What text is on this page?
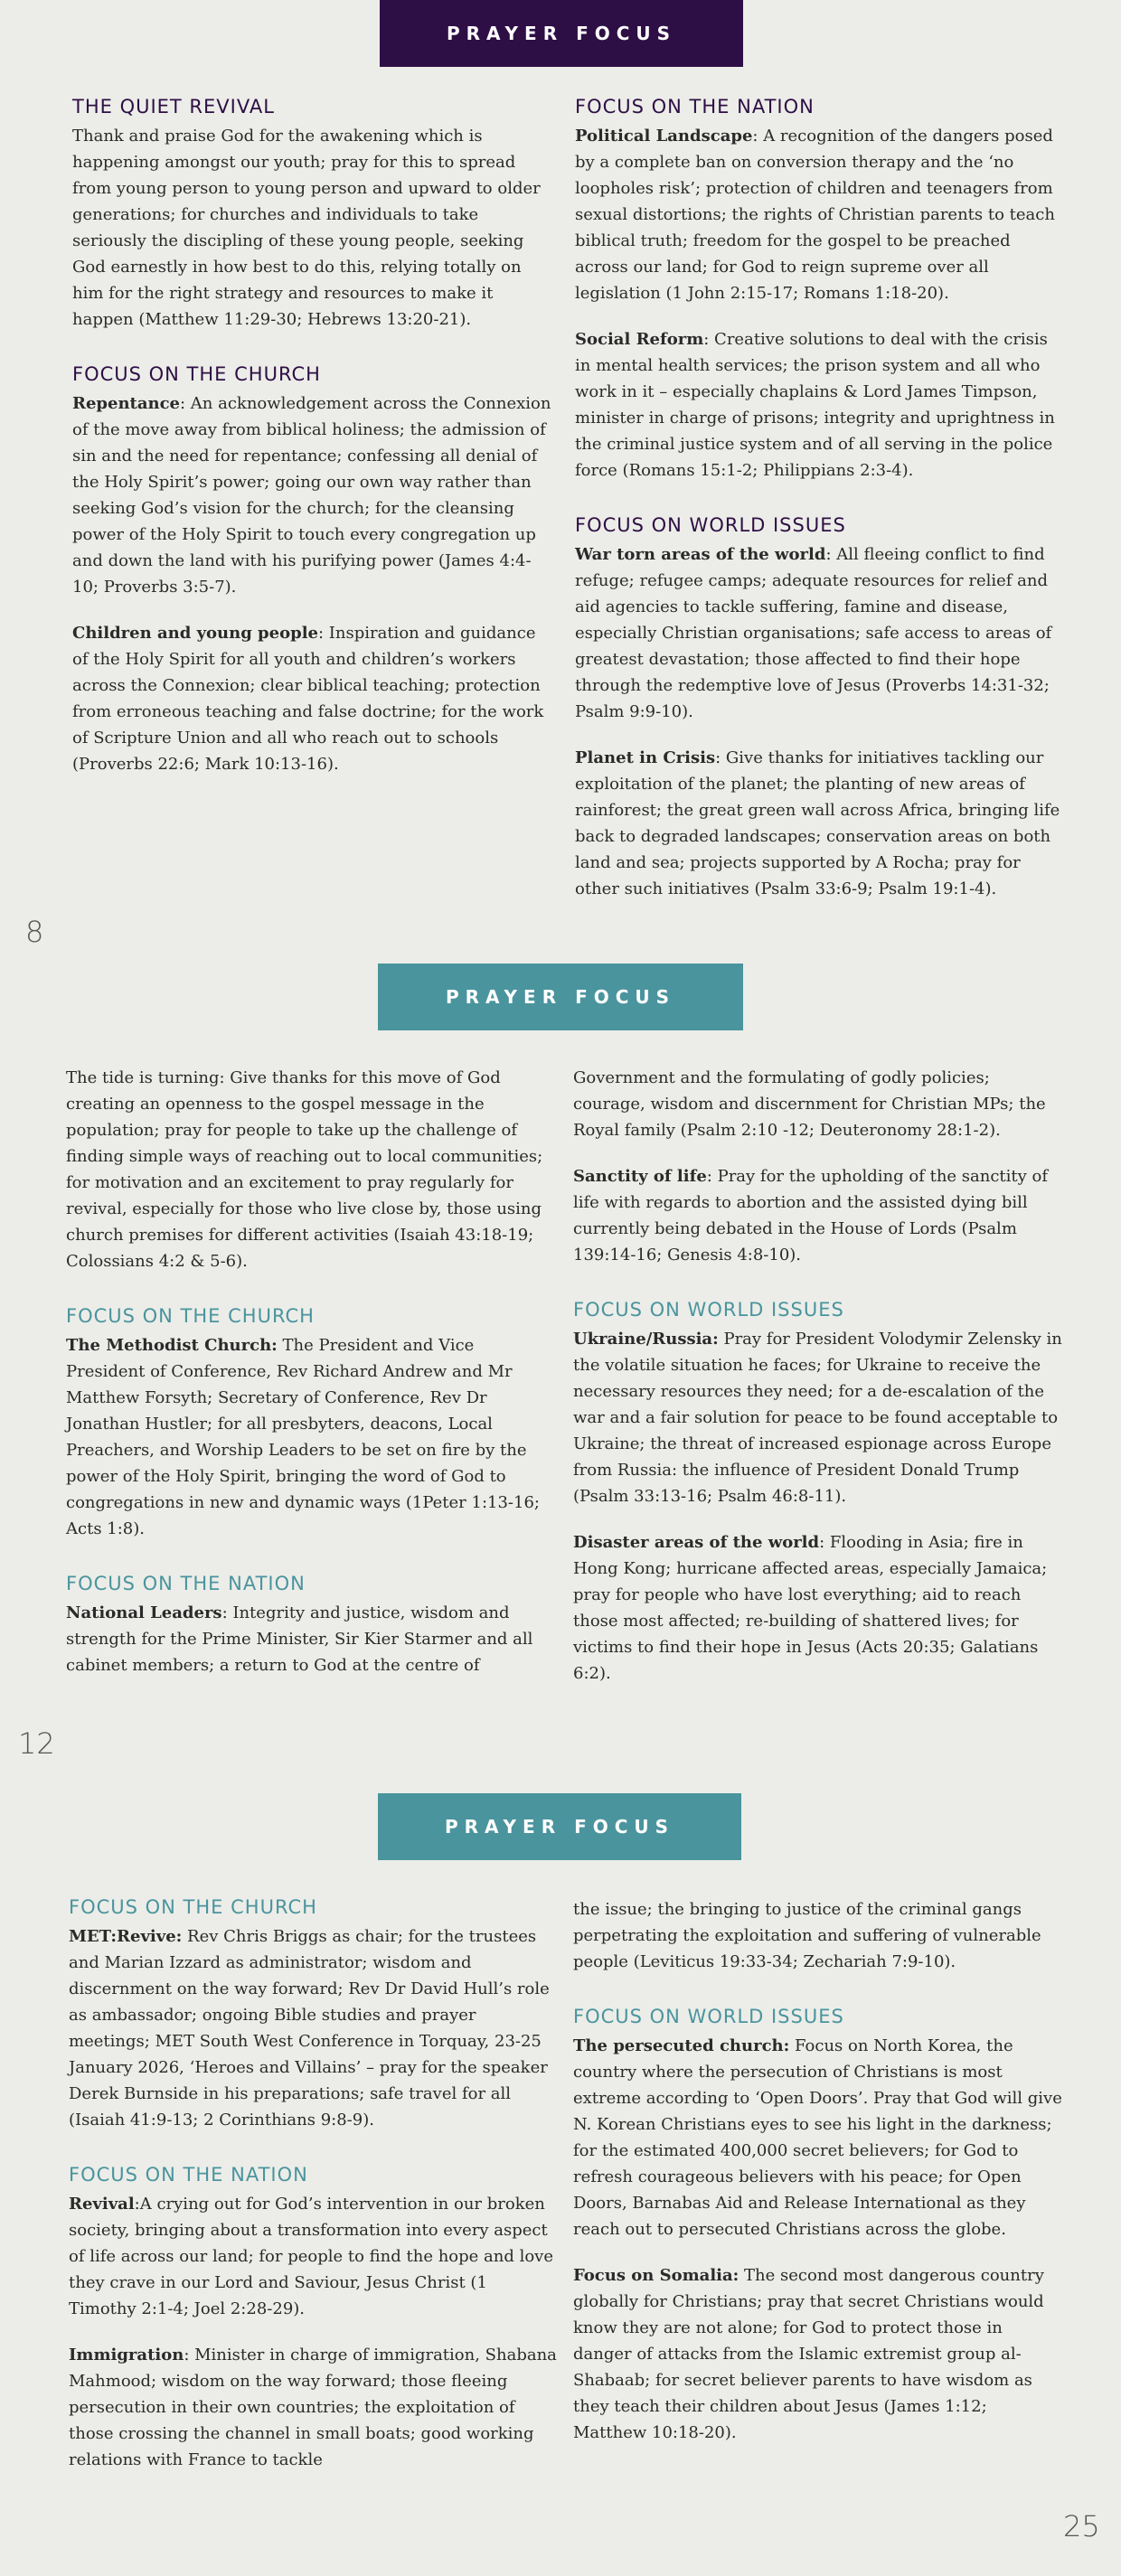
PRAYER FOCUS
THE QUIET REVIVAL

Thank and praise God for the awakening which is happening amongst our youth; pray for this to spread from young person to young person and upward to older generations; for churches and individuals to take seriously the discipling of these young people, seeking God earnestly in how best to do this, relying totally on him for the right strategy and resources to make it happen (Matthew 11:29-30; Hebrews 13:20-21).

FOCUS ON THE CHURCH

Repentance: An acknowledgement across the Connexion of the move away from biblical holiness; the admission of sin and the need for repentance; confessing all denial of the Holy Spirit’s power; going our own way rather than seeking God’s vision for the church; for the cleansing power of the Holy Spirit to touch every congregation up and down the land with his purifying power (James 4:4-10; Proverbs 3:5-7).

Children and young people: Inspiration and guidance of the Holy Spirit for all youth and children’s workers across the Connexion; clear biblical teaching; protection from erroneous teaching and false doctrine; for the work of Scripture Union and all who reach out to schools (Proverbs 22:6; Mark 10:13-16).

FOCUS ON THE NATION

Political Landscape: A recognition of the dangers posed by a complete ban on conversion therapy and the ‘no loopholes risk’; protection of children and teenagers from sexual distortions; the rights of Christian parents to teach biblical truth; freedom for the gospel to be preached across our land; for God to reign supreme over all legislation (1 John 2:15-17; Romans 1:18-20).

Social Reform: Creative solutions to deal with the crisis in mental health services; the prison system and all who work in it – especially chaplains & Lord James Timpson, minister in charge of prisons; integrity and uprightness in the criminal justice system and of all serving in the police force (Romans 15:1-2; Philippians 2:3-4).

FOCUS ON WORLD ISSUES

War torn areas of the world: All fleeing conflict to find refuge; refugee camps; adequate resources for relief and aid agencies to tackle suffering, famine and disease, especially Christian organisations; safe access to areas of greatest devastation; those affected to find their hope through the redemptive love of Jesus (Proverbs 14:31-32; Psalm 9:9-10).

Planet in Crisis: Give thanks for initiatives tackling our exploitation of the planet; the planting of new areas of rainforest; the great green wall across Africa, bringing life back to degraded landscapes; conservation areas on both land and sea; projects supported by A Rocha; pray for other such initiatives (Psalm 33:6-9; Psalm 19:1-4).

8
PRAYER FOCUS

The tide is turning: Give thanks for this move of God creating an openness to the gospel message in the population; pray for people to take up the challenge of finding simple ways of reaching out to local communities; for motivation and an excitement to pray regularly for revival, especially for those who live close by, those using church premises for different activities (Isaiah 43:18-19; Colossians 4:2 & 5-6).

FOCUS ON THE CHURCH

The Methodist Church: The President and Vice President of Conference, Rev Richard Andrew and Mr Matthew Forsyth; Secretary of Conference, Rev Dr Jonathan Hustler; for all presbyters, deacons, Local Preachers, and Worship Leaders to be set on fire by the power of the Holy Spirit, bringing the word of God to congregations in new and dynamic ways (1Peter 1:13-16; Acts 1:8).

FOCUS ON THE NATION

National Leaders: Integrity and justice, wisdom and strength for the Prime Minister, Sir Kier Starmer and all cabinet members; a return to God at the centre of

Government and the formulating of godly policies; courage, wisdom and discernment for Christian MPs; the Royal family (Psalm 2:10 -12; Deuteronomy 28:1-2).

Sanctity of life: Pray for the upholding of the sanctity of life with regards to abortion and the assisted dying bill currently being debated in the House of Lords (Psalm 139:14-16; Genesis 4:8-10).

FOCUS ON WORLD ISSUES

Ukraine/Russia: Pray for President Volodymir Zelensky in the volatile situation he faces; for Ukraine to receive the necessary resources they need; for a de-escalation of the war and a fair solution for peace to be found acceptable to Ukraine; the threat of increased espionage across Europe from Russia: the influence of President Donald Trump (Psalm 33:13-16; Psalm 46:8-11).

Disaster areas of the world: Flooding in Asia; fire in Hong Kong; hurricane affected areas, especially Jamaica; pray for people who have lost everything; aid to reach those most affected; re-building of shattered lives; for victims to find their hope in Jesus (Acts 20:35; Galatians 6:2).

12
PRAYER FOCUS
FOCUS ON THE CHURCH

MET:Revive: Rev Chris Briggs as chair; for the trustees and Marian Izzard as administrator; wisdom and discernment on the way forward; Rev Dr David Hull’s role as ambassador; ongoing Bible studies and prayer meetings; MET South West Conference in Torquay, 23-25 January 2026, ‘Heroes and Villains’ – pray for the speaker Derek Burnside in his preparations; safe travel for all (Isaiah 41:9-13; 2 Corinthians 9:8-9).

FOCUS ON THE NATION

Revival:A crying out for God’s intervention in our broken society, bringing about a transformation into every aspect of life across our land; for people to find the hope and love they crave in our Lord and Saviour, Jesus Christ (1 Timothy 2:1-4; Joel 2:28-29).

Immigration: Minister in charge of immigration, Shabana Mahmood; wisdom on the way forward; those fleeing persecution in their own countries; the exploitation of those crossing the channel in small boats; good working relations with France to tackle

the issue; the bringing to justice of the criminal gangs perpetrating the exploitation and suffering of vulnerable people (Leviticus 19:33-34; Zechariah 7:9-10).

FOCUS ON WORLD ISSUES

The persecuted church: Focus on North Korea, the country where the persecution of Christians is most extreme according to ‘Open Doors’. Pray that God will give N. Korean Christians eyes to see his light in the darkness; for the estimated 400,000 secret believers; for God to refresh courageous believers with his peace; for Open Doors, Barnabas Aid and Release International as they reach out to persecuted Christians across the globe.

Focus on Somalia: The second most dangerous country globally for Christians; pray that secret Christians would know they are not alone; for God to protect those in danger of attacks from the Islamic extremist group al-Shabaab; for secret believer parents to have wisdom as they teach their children about Jesus (James 1:12; Matthew 10:18-20).

25
